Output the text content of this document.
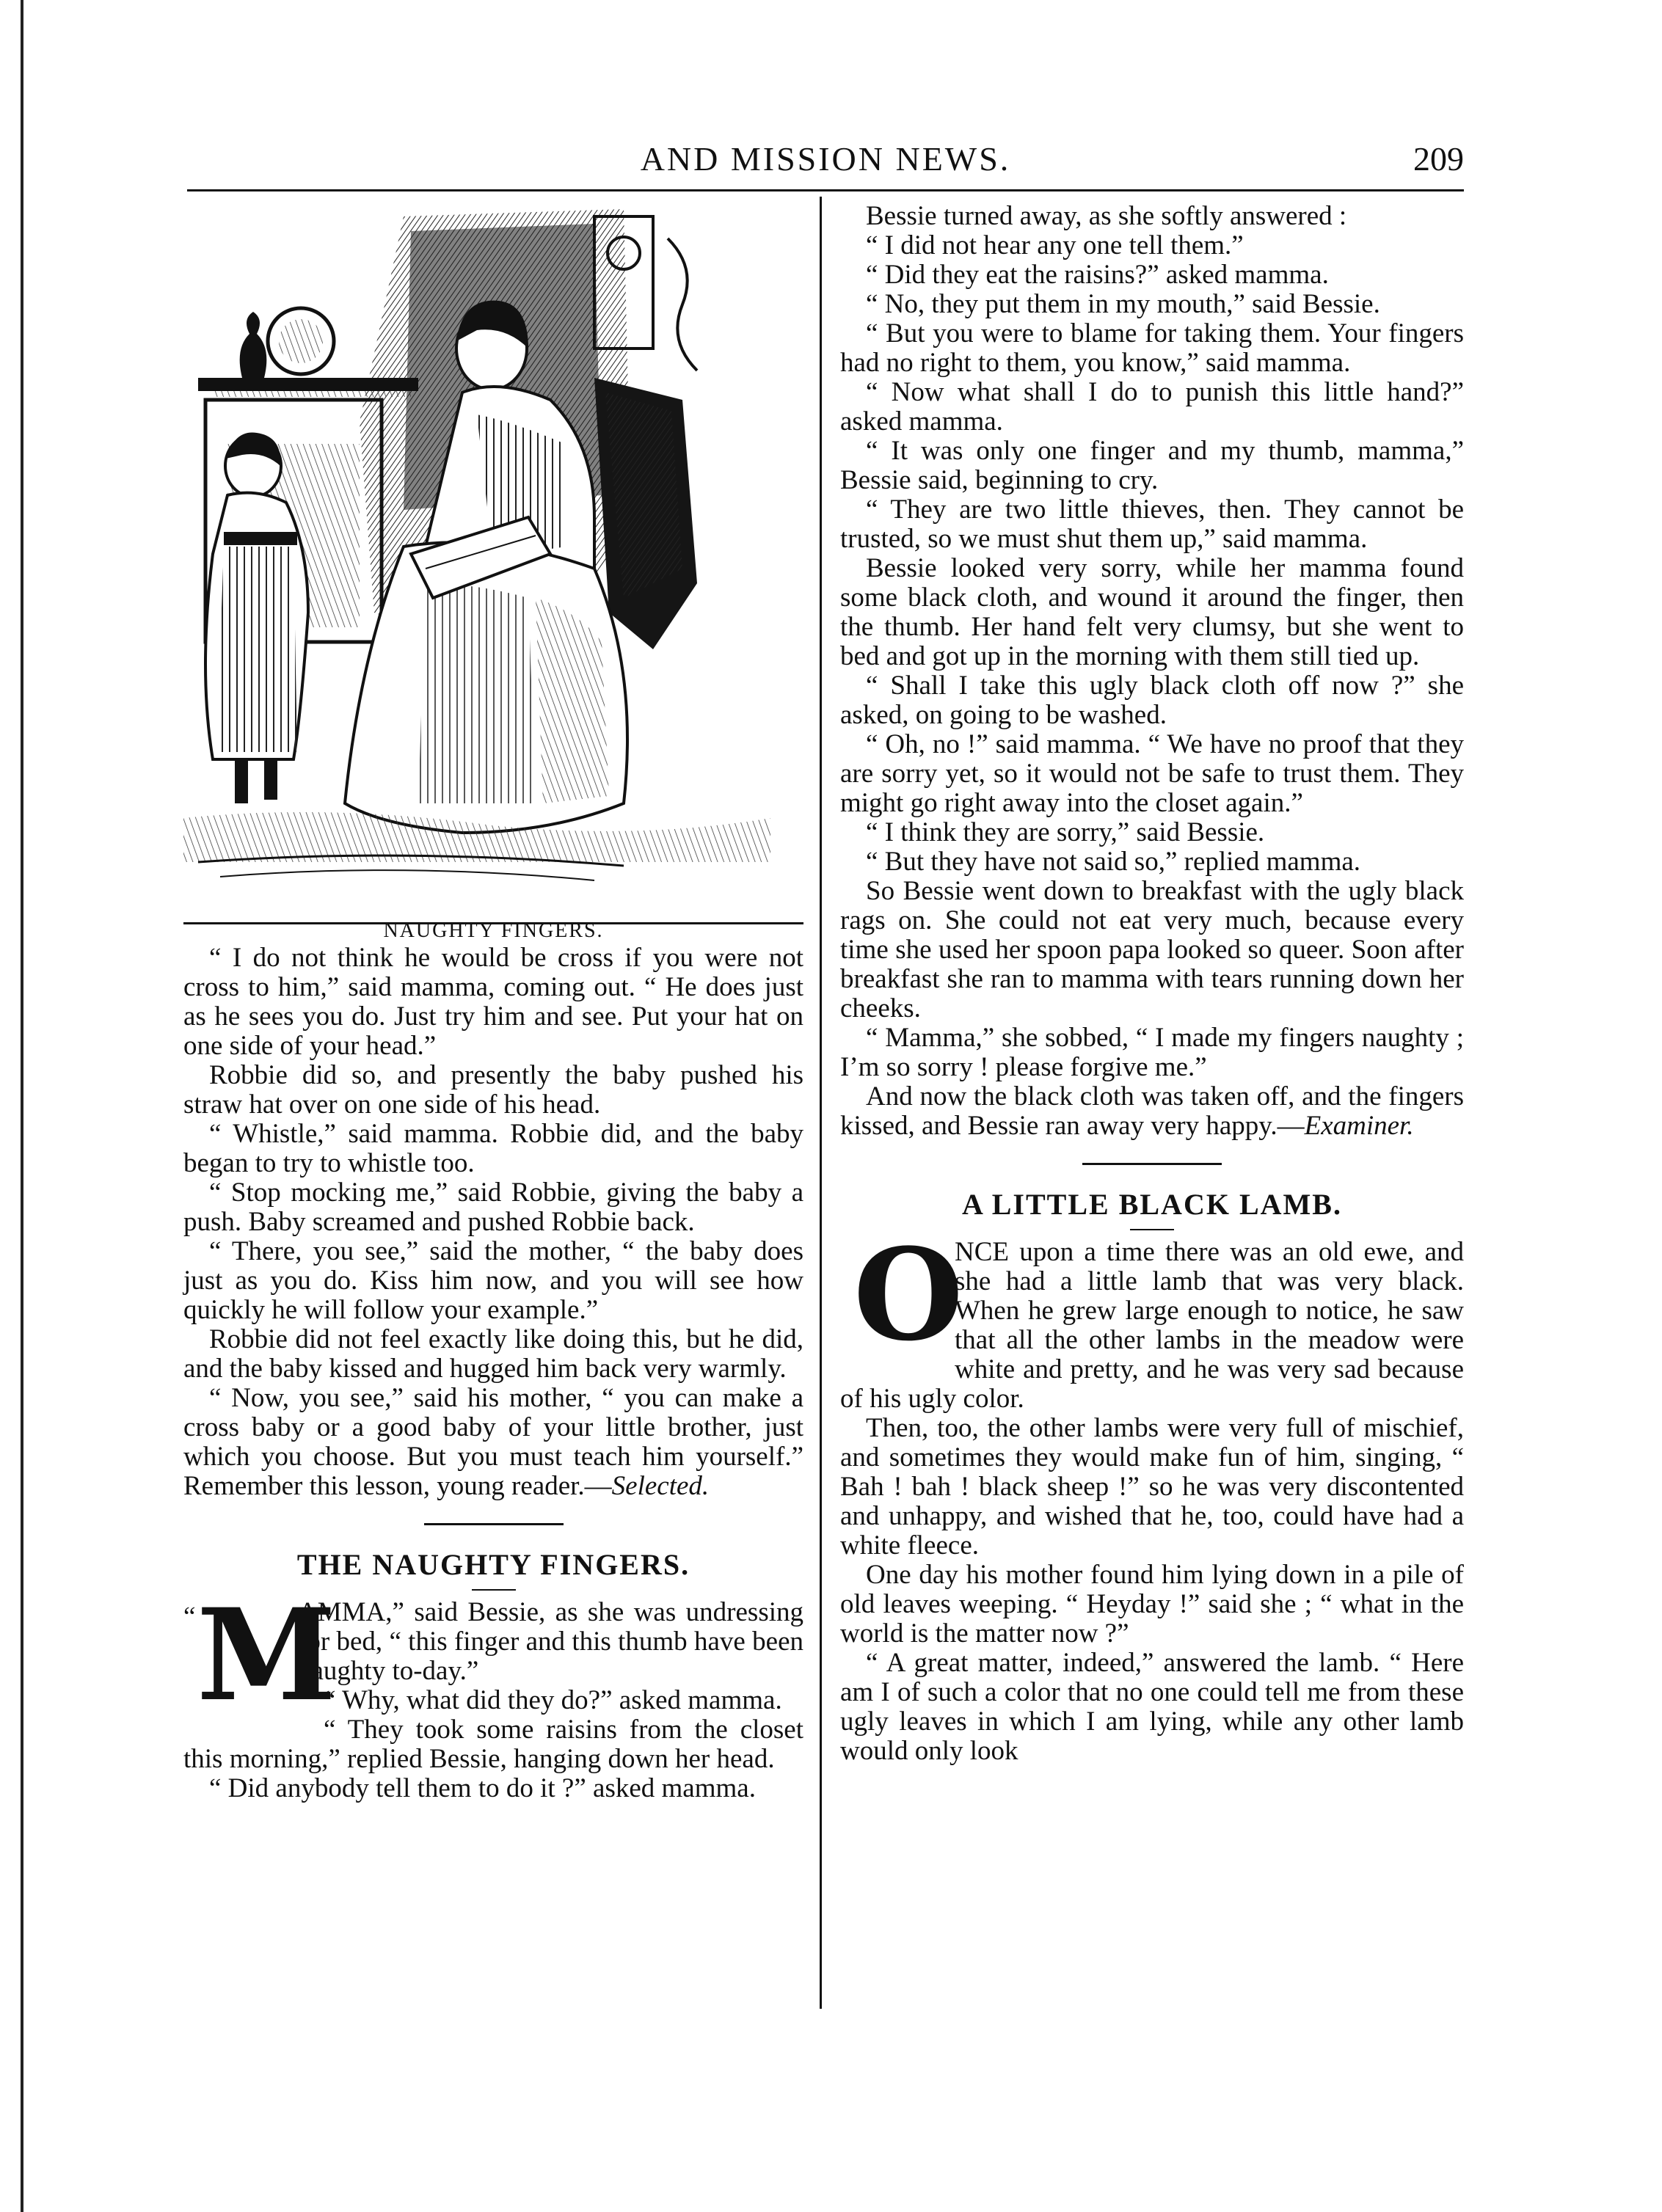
AND MISSION NEWS.	209
NAUGHTY FINGERS.

“ I do not think he would be cross if you were not cross to him,” said mamma, coming out. “ He does just as he sees you do. Just try him and see. Put your hat on one side of your head.”

Robbie did so, and presently the baby pushed his straw hat over on one side of his head.

“ Whistle,” said mamma. Robbie did, and the baby began to try to whistle too.

“ Stop mocking me,” said Robbie, giving the baby a push. Baby screamed and pushed Robbie back.

“ There, you see,” said the mother, “ the baby does just as you do. Kiss him now, and you will see how quickly he will follow your example.”

Robbie did not feel exactly like doing this, but he did, and the baby kissed and hugged him back very warmly.

“ Now, you see,” said his mother, “ you can make a cross baby or a good baby of your little brother, just which you choose. But you must teach him yourself.” Remember this lesson, young reader.—Selected.

THE NAUGHTY FINGERS.
“ M

AMMA,” said Bessie, as she was undressing for bed, “ this finger and this thumb have been naughty to-day.”

“ Why, what did they do?” asked mamma.

“ They took some raisins from the closet this morning,” replied Bessie, hanging down her head.

“ Did anybody tell them to do it ?” asked mamma.

Bessie turned away, as she softly answered :

“ I did not hear any one tell them.”

“ Did they eat the raisins?” asked mamma.

“ No, they put them in my mouth,” said Bessie.

“ But you were to blame for taking them. Your fingers had no right to them, you know,” said mamma.

“ Now what shall I do to punish this little hand?” asked mamma.

“ It was only one finger and my thumb, mamma,” Bessie said, beginning to cry.

“ They are two little thieves, then. They cannot be trusted, so we must shut them up,” said mamma.

Bessie looked very sorry, while her mamma found some black cloth, and wound it around the finger, then the thumb. Her hand felt very clumsy, but she went to bed and got up in the morning with them still tied up.

“ Shall I take this ugly black cloth off now ?” she asked, on going to be washed.

“ Oh, no !” said mamma. “ We have no proof that they are sorry yet, so it would not be safe to trust them. They might go right away into the closet again.”

“ I think they are sorry,” said Bessie.

“ But they have not said so,” replied mamma.

So Bessie went down to breakfast with the ugly black rags on. She could not eat very much, because every time she used her spoon papa looked so queer. Soon after breakfast she ran to mamma with tears running down her cheeks.

“ Mamma,” she sobbed, “ I made my fingers naughty ; I’m so sorry ! please forgive me.”

And now the black cloth was taken off, and the fingers kissed, and Bessie ran away very happy.—Examiner.

A LITTLE BLACK LAMB.
O

NCE upon a time there was an old ewe, and she had a little lamb that was very black. When he grew large enough to notice, he saw that all the other lambs in the meadow were white and pretty, and he was very sad because of his ugly color.

Then, too, the other lambs were very full of mischief, and sometimes they would make fun of him, singing, “ Bah ! bah ! black sheep !” so he was very discontented and unhappy, and wished that he, too, could have had a white fleece.

One day his mother found him lying down in a pile of old leaves weeping. “ Heyday !” said she ; “ what in the world is the matter now ?”

“ A great matter, indeed,” answered the lamb. “ Here am I of such a color that no one could tell me from these ugly leaves in which I am lying, while any other lamb would only look
